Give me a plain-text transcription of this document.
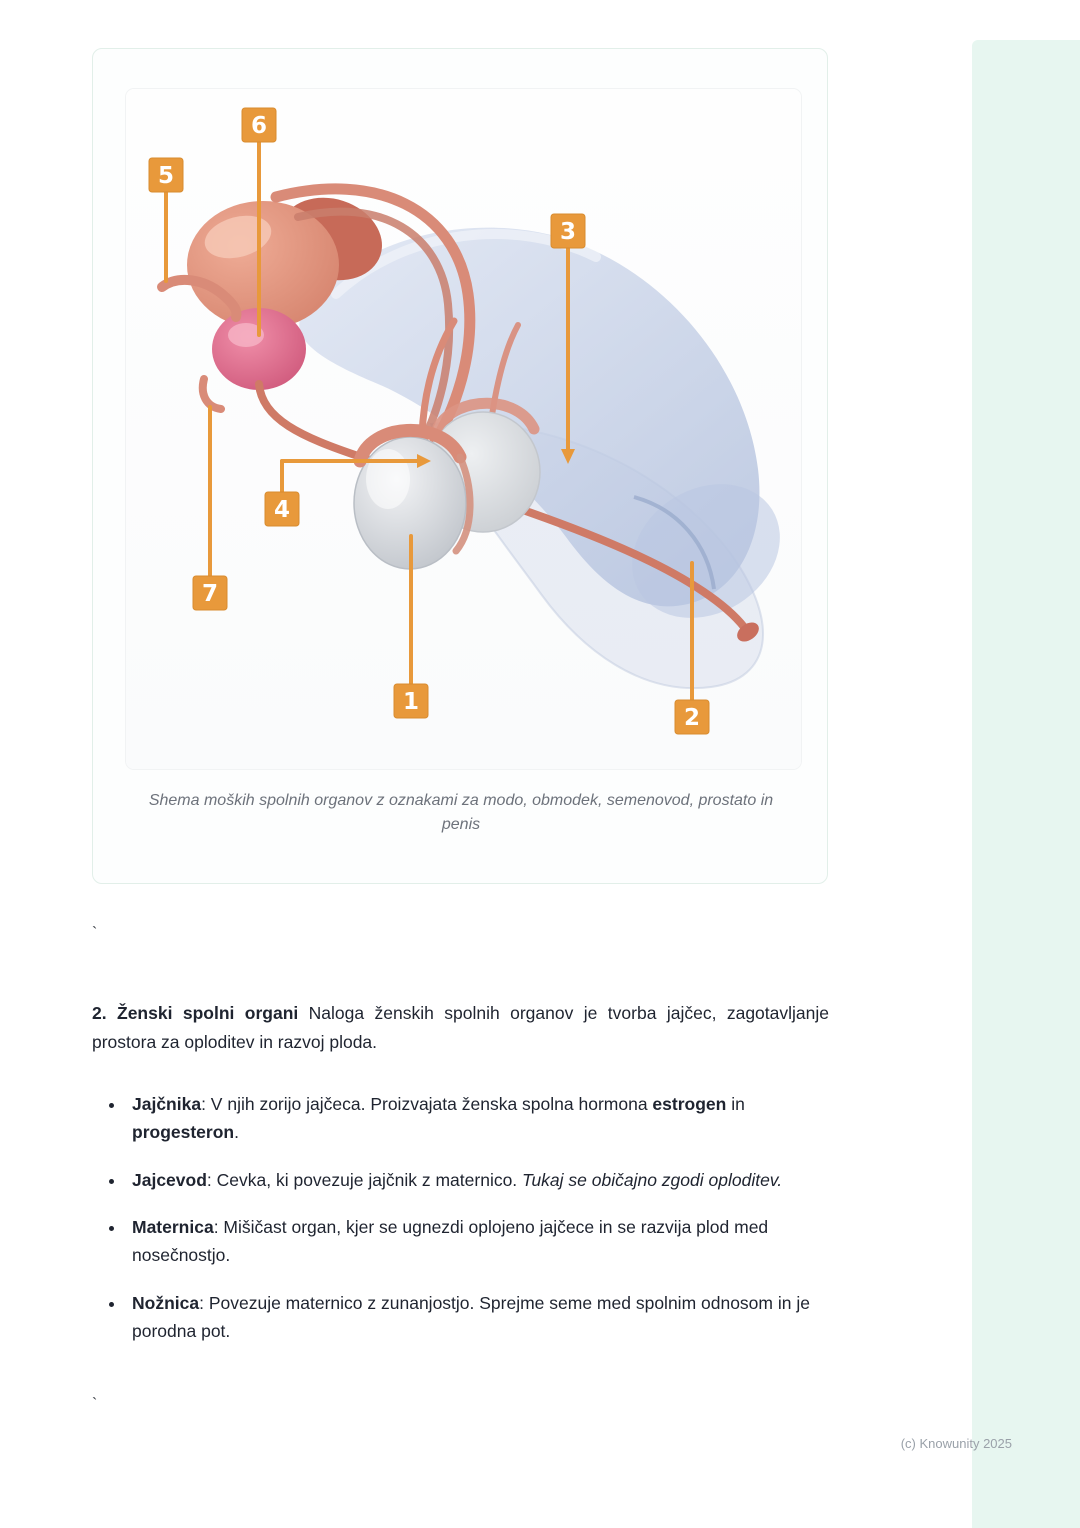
6
5
3
4
7
1
2
Shema moških spolnih organov z oznakami za modo, obmodek, semenovod, prostato in penis
`

2. Ženski spolni organi Naloga ženskih spolnih organov je tvorba jajčec, zagotavljanje prostora za oploditev in razvoj ploda.

• Jajčnika: V njih zorijo jajčeca. Proizvajata ženska spolna hormona estrogen in progesteron.
• Jajcevod: Cevka, ki povezuje jajčnik z maternico. Tukaj se običajno zgodi oploditev.
• Maternica: Mišičast organ, kjer se ugnezdi oplojeno jajčece in se razvija plod med nosečnostjo.
• Nožnica: Povezuje maternico z zunanjostjo. Sprejme seme med spolnim odnosom in je porodna pot.
`
(c) Knowunity 2025
